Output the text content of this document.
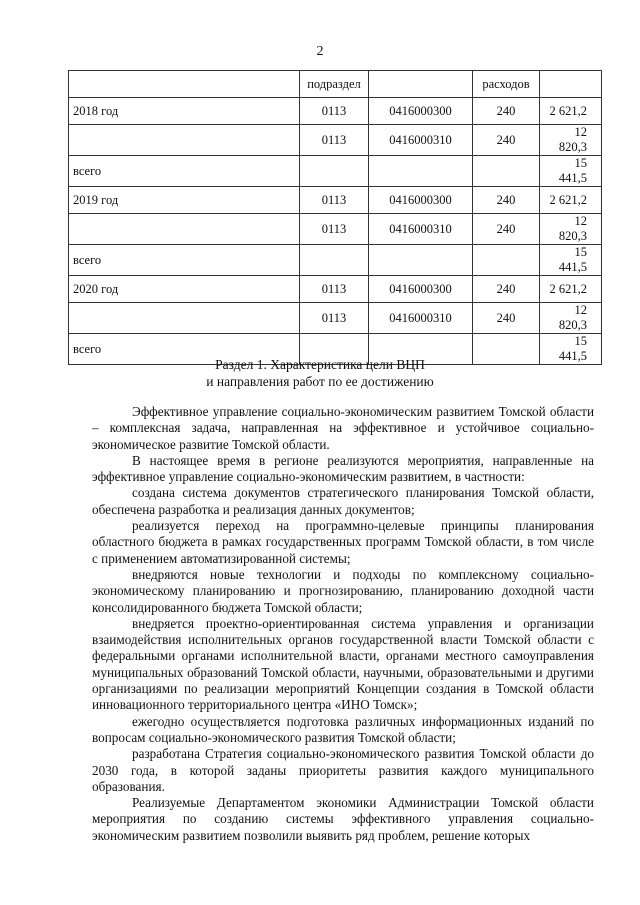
2
	подраздел		расходов	
2018 год	0113	0416000300	240	2 621,2
	0113	0416000310	240	12 820,3
всего				15 441,5
2019 год	0113	0416000300	240	2 621,2
	0113	0416000310	240	12 820,3
всего				15 441,5
2020 год	0113	0416000300	240	2 621,2
	0113	0416000310	240	12 820,3
всего				15 441,5
Раздел 1. Характеристика цели ВЦП
и направления работ по ее достижению

Эффективное управление социально-экономическим развитием Томской области – комплексная задача, направленная на эффективное и устойчивое социально-экономическое развитие Томской области.

В настоящее время в регионе реализуются мероприятия, направленные на эффективное управление социально-экономическим развитием, в частности:

создана система документов стратегического планирования Томской области, обеспечена разработка и реализация данных документов;

реализуется переход на программно-целевые принципы планирования областного бюджета в рамках государственных программ Томской области, в том числе с применением автоматизированной системы;

внедряются новые технологии и подходы по комплексному социально-экономическому планированию и прогнозированию, планированию доходной части консолидированного бюджета Томской области;

внедряется проектно-ориентированная система управления и организации взаимодействия исполнительных органов государственной власти Томской области с федеральными органами исполнительной власти, органами местного самоуправления муниципальных образований Томской области, научными, образовательными и другими организациями по реализации мероприятий Концепции создания в Томской области инновационного территориального центра «ИНО Томск»;

ежегодно осуществляется подготовка различных информационных изданий по вопросам социально-экономического развития Томской области;

разработана Стратегия социально-экономического развития Томской области до 2030 года, в которой заданы приоритеты развития каждого муниципального образования.

Реализуемые Департаментом экономики Администрации Томской области мероприятия по созданию системы эффективного управления социально-экономическим развитием позволили выявить ряд проблем, решение которых
